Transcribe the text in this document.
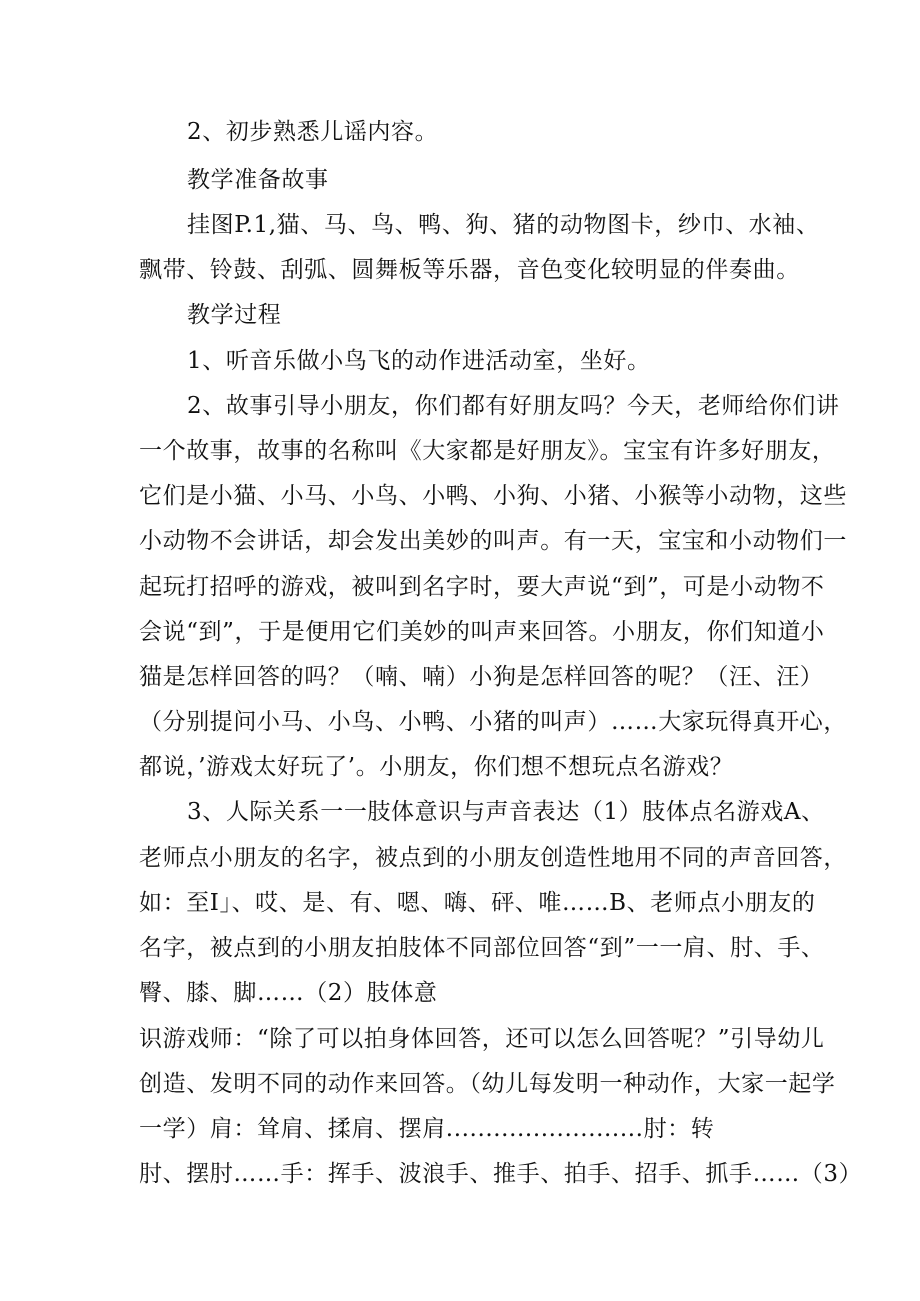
2、初步熟悉儿谣内容。
教学准备故事
挂图P.1,猫、马、鸟、鸭、狗、猪的动物图卡，纱巾、水袖、
飘带、铃鼓、刮弧、圆舞板等乐器，音色变化较明显的伴奏曲。
教学过程
1、听音乐做小鸟飞的动作进活动室，坐好。
2、故事引导小朋友，你们都有好朋友吗？今天，老师给你们讲
一个故事，故事的名称叫《大家都是好朋友》。宝宝有许多好朋友，
它们是小猫、小马、小鸟、小鸭、小狗、小猪、小猴等小动物，这些
小动物不会讲话，却会发出美妙的叫声。有一天，宝宝和小动物们一
起玩打招呼的游戏，被叫到名字时，要大声说“到”，可是小动物不
会说“到”，于是便用它们美妙的叫声来回答。小朋友，你们知道小
猫是怎样回答的吗？（喃、喃）小狗是怎样回答的呢？（汪、汪）
（分别提问小马、小鸟、小鸭、小猪的叫声）……大家玩得真开心，
都说，’游戏太好玩了’。小朋友，你们想不想玩点名游戏？
3、人际关系一一肢体意识与声音表达（1）肢体点名游戏A、
老师点小朋友的名字，被点到的小朋友创造性地用不同的声音回答，
如：至I」、哎、是、有、嗯、嗨、砰、唯……B、老师点小朋友的
名字，被点到的小朋友拍肢体不同部位回答“到”一一肩、肘、手、
臀、膝、脚……（2）肢体意
识游戏师：“除了可以拍身体回答，还可以怎么回答呢？”引导幼儿
创造、发明不同的动作来回答。（幼儿每发明一种动作，大家一起学
一学）肩：耸肩、揉肩、摆肩.........................肘：转
肘、摆肘……手：挥手、波浪手、推手、拍手、招手、抓手……（3）
